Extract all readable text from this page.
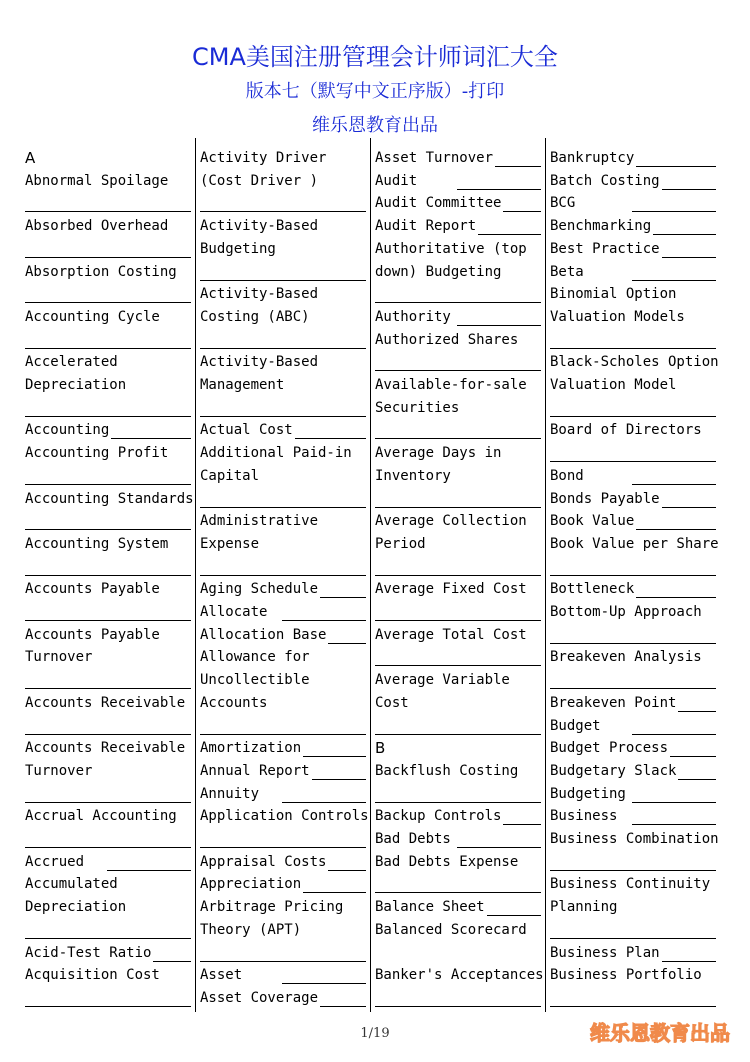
CMA美国注册管理会计师词汇大全
版本七（默写中文正序版）-打印
维乐恩教育出品
A
Abnormal Spoilage
Absorbed Overhead
Absorption Costing
Accounting Cycle
Accelerated
Depreciation
Accounting
Accounting Profit
Accounting Standards
Accounting System
Accounts Payable
Accounts Payable
Turnover
Accounts Receivable
Accounts Receivable
Turnover
Accrual Accounting
Accrued
Accumulated
Depreciation
Acid-Test Ratio
Acquisition Cost
Activity Driver
(Cost Driver )
Activity-Based
Budgeting
Activity-Based
Costing (ABC)
Activity-Based
Management
Actual Cost
Additional Paid-in
Capital
Administrative
Expense
Aging Schedule
Allocate
Allocation Base
Allowance for
Uncollectible
Accounts
Amortization
Annual Report
Annuity
Application Controls
Appraisal Costs
Appreciation
Arbitrage Pricing
Theory (APT)
Asset
Asset Coverage
Asset Turnover
Audit
Audit Committee
Audit Report
Authoritative (top
down) Budgeting
Authority
Authorized Shares
Available-for-sale
Securities
Average Days in
Inventory
Average Collection
Period
Average Fixed Cost
Average Total Cost
Average Variable
Cost
B
Backflush Costing
Backup Controls
Bad Debts
Bad Debts Expense
Balance Sheet
Balanced Scorecard
Banker's Acceptances
Bankruptcy
Batch Costing
BCG
Benchmarking
Best Practice
Beta
Binomial Option
Valuation Models
Black-Scholes Option
Valuation Model
Board of Directors
Bond
Bonds Payable
Book Value
Book Value per Share
Bottleneck
Bottom-Up Approach
Breakeven Analysis
Breakeven Point
Budget
Budget Process
Budgetary Slack
Budgeting
Business
Business Combination
Business Continuity
Planning
Business Plan
Business Portfolio
1/19	维乐恩教育出品
